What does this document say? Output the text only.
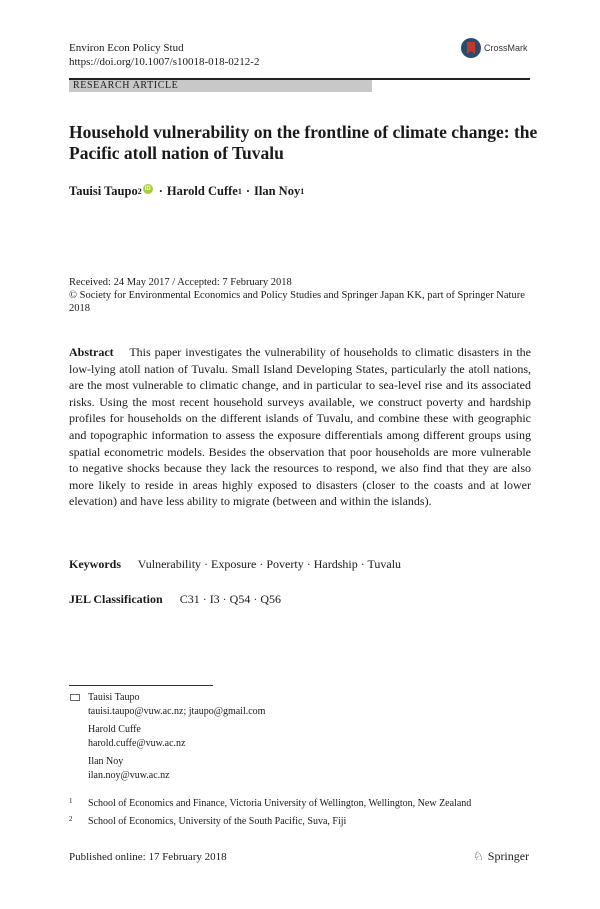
Environ Econ Policy Stud
https://doi.org/10.1007/s10018-018-0212-2
CrossMark
RESEARCH ARTICLE
Household vulnerability on the frontline of climate change: the Pacific atoll nation of Tuvalu
Tauisi Taupo 2 iD · Harold Cuffe 1 · Ilan Noy 1
Received: 24 May 2017 / Accepted: 7 February 2018
© Society for Environmental Economics and Policy Studies and Springer Japan KK, part of Springer Nature 2018
Abstract This paper investigates the vulnerability of households to climatic disasters in the low-lying atoll nation of Tuvalu. Small Island Developing States, particularly the atoll nations, are the most vulnerable to climatic change, and in particular to sea-level rise and its associated risks. Using the most recent household surveys available, we construct poverty and hardship profiles for households on the different islands of Tuvalu, and combine these with geographic and topographic information to assess the exposure differentials among different groups using spatial econometric models. Besides the observation that poor households are more vulnerable to negative shocks because they lack the resources to respond, we also find that they are also more likely to reside in areas highly exposed to disasters (closer to the coasts and at lower elevation) and have less ability to migrate (between and within the islands).
Keywords Vulnerability · Exposure · Poverty · Hardship · Tuvalu
JEL Classification C31 · I3 · Q54 · Q56
Tauisi Taupo
tauisi.taupo@vuw.ac.nz; jtaupo@gmail.com
Harold Cuffe
harold.cuffe@vuw.ac.nz
Ilan Noy
ilan.noy@vuw.ac.nz
1	School of Economics and Finance, Victoria University of Wellington, Wellington, New Zealand
2	School of Economics, University of the South Pacific, Suva, Fiji
Published online: 17 February 2018	♘ Springer
